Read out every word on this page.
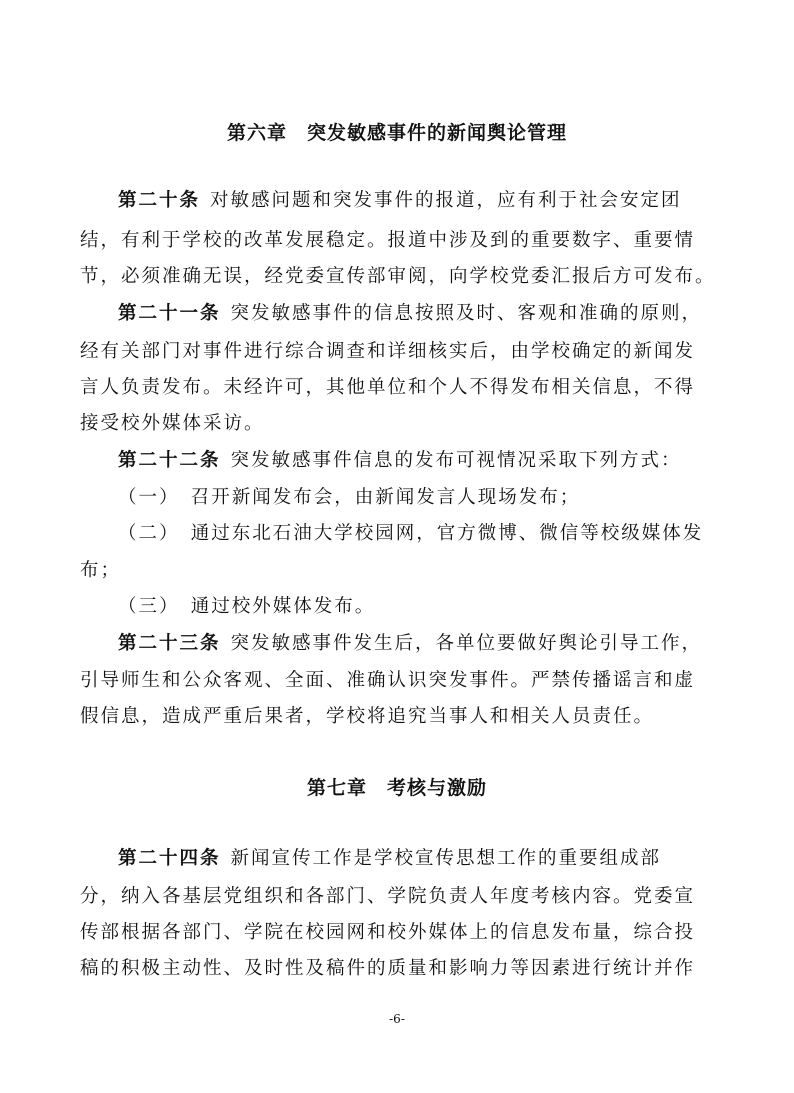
第六章　突发敏感事件的新闻舆论管理
第二十条 对敏感问题和突发事件的报道，应有利于社会安定团
结，有利于学校的改革发展稳定。报道中涉及到的重要数字、重要情
节，必须准确无误，经党委宣传部审阅，向学校党委汇报后方可发布。
第二十一条 突发敏感事件的信息按照及时、客观和准确的原则，
经有关部门对事件进行综合调查和详细核实后，由学校确定的新闻发
言人负责发布。未经许可，其他单位和个人不得发布相关信息，不得
接受校外媒体采访。
第二十二条 突发敏感事件信息的发布可视情况采取下列方式：
（一）　召开新闻发布会，由新闻发言人现场发布；
（二）　通过东北石油大学校园网，官方微博、微信等校级媒体发
布；
（三）　通过校外媒体发布。
第二十三条 突发敏感事件发生后，各单位要做好舆论引导工作，
引导师生和公众客观、全面、准确认识突发事件。严禁传播谣言和虚
假信息，造成严重后果者，学校将追究当事人和相关人员责任。
第七章　考核与激励
第二十四条 新闻宣传工作是学校宣传思想工作的重要组成部
分，纳入各基层党组织和各部门、学院负责人年度考核内容。党委宣
传部根据各部门、学院在校园网和校外媒体上的信息发布量，综合投
稿的积极主动性、及时性及稿件的质量和影响力等因素进行统计并作
-6-
